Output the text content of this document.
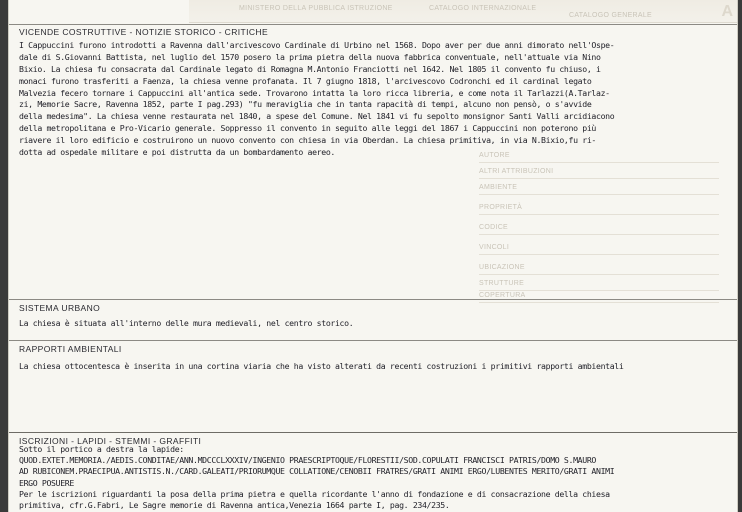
MINISTERO DELLA PUBBLICA ISTRUZIONE	CATALOGO INTERNAZIONALE
CATALOGO GENERALE	A
AUTORE
ALTRI ATTRIBUZIONI
AMBIENTE
PROPRIETÀ
CODICE
VINCOLI
UBICAZIONE
STRUTTURE
COPERTURA
VICENDE COSTRUTTIVE - NOTIZIE STORICO - CRITICHE
I Cappuccini furono introdotti a Ravenna dall'arcivescovo Cardinale di Urbino nel 1568. Dopo aver per due anni dimorato nell'Ospe-
dale di S.Giovanni Battista, nel luglio del 1570 posero la prima pietra della nuova fabbrica conventuale, nell'attuale via Nino
Bixio. La chiesa fu consacrata dal Cardinale legato di Romagna M.Antonio Franciotti nel 1642. Nel 1805 il convento fu chiuso, i
monaci furono trasferiti a Faenza, la chiesa venne profanata. Il 7 giugno 1818, l'arcivescovo Codronchi ed il cardinal legato
Malvezia fecero tornare i Cappuccini all'antica sede. Trovarono intatta la loro ricca libreria, e come nota il Tarlazzi(A.Tarlaz-
zi, Memorie Sacre, Ravenna 1852, parte I pag.293) "fu meraviglia che in tanta rapacità di tempi, alcuno non pensò, o s'avvide
della medesima". La chiesa venne restaurata nel 1840, a spese del Comune. Nel 1841 vi fu sepolto monsignor Santi Valli arcidiacono
della metropolitana e Pro-Vicario generale. Soppresso il convento in seguito alle leggi del 1867 i Cappuccini non poterono più
riavere il loro edificio e costruirono un nuovo convento con chiesa in via Oberdan. La chiesa primitiva, in via N.Bixio,fu ri-
dotta ad ospedale militare e poi distrutta da un bombardamento aereo.
SISTEMA URBANO
La chiesa è situata all'interno delle mura medievali, nel centro storico.
RAPPORTI AMBIENTALI
La chiesa ottocentesca è inserita in una cortina viaria che ha visto alterati da recenti costruzioni i primitivi rapporti ambientali
ISCRIZIONI - LAPIDI - STEMMI - GRAFFITI
Sotto il portico a destra la lapide:
QUOD.EXTET.MEMORIA./AEDIS.CONDITAE/ANN.MDCCCLXXXIV/INGENIO PRAESCRIPTOQUE/FLORESTII/SOD.COPULATI FRANCISCI PATRIS/DOMO S.MAURO
AD RUBICONEM.PRAECIPUA.ANTISTIS.N./CARD.GALEATI/PRIORUMQUE COLLATIONE/CENOBII FRATRES/GRATI ANIMI ERGO/LUBENTES MERITO/GRATI ANIMI
ERGO POSUERE
Per le iscrizioni riguardanti la posa della prima pietra e quella ricordante l'anno di fondazione e di consacrazione della chiesa
primitiva, cfr.G.Fabri, Le Sagre memorie di Ravenna antica,Venezia 1664 parte I, pag. 234/235.
